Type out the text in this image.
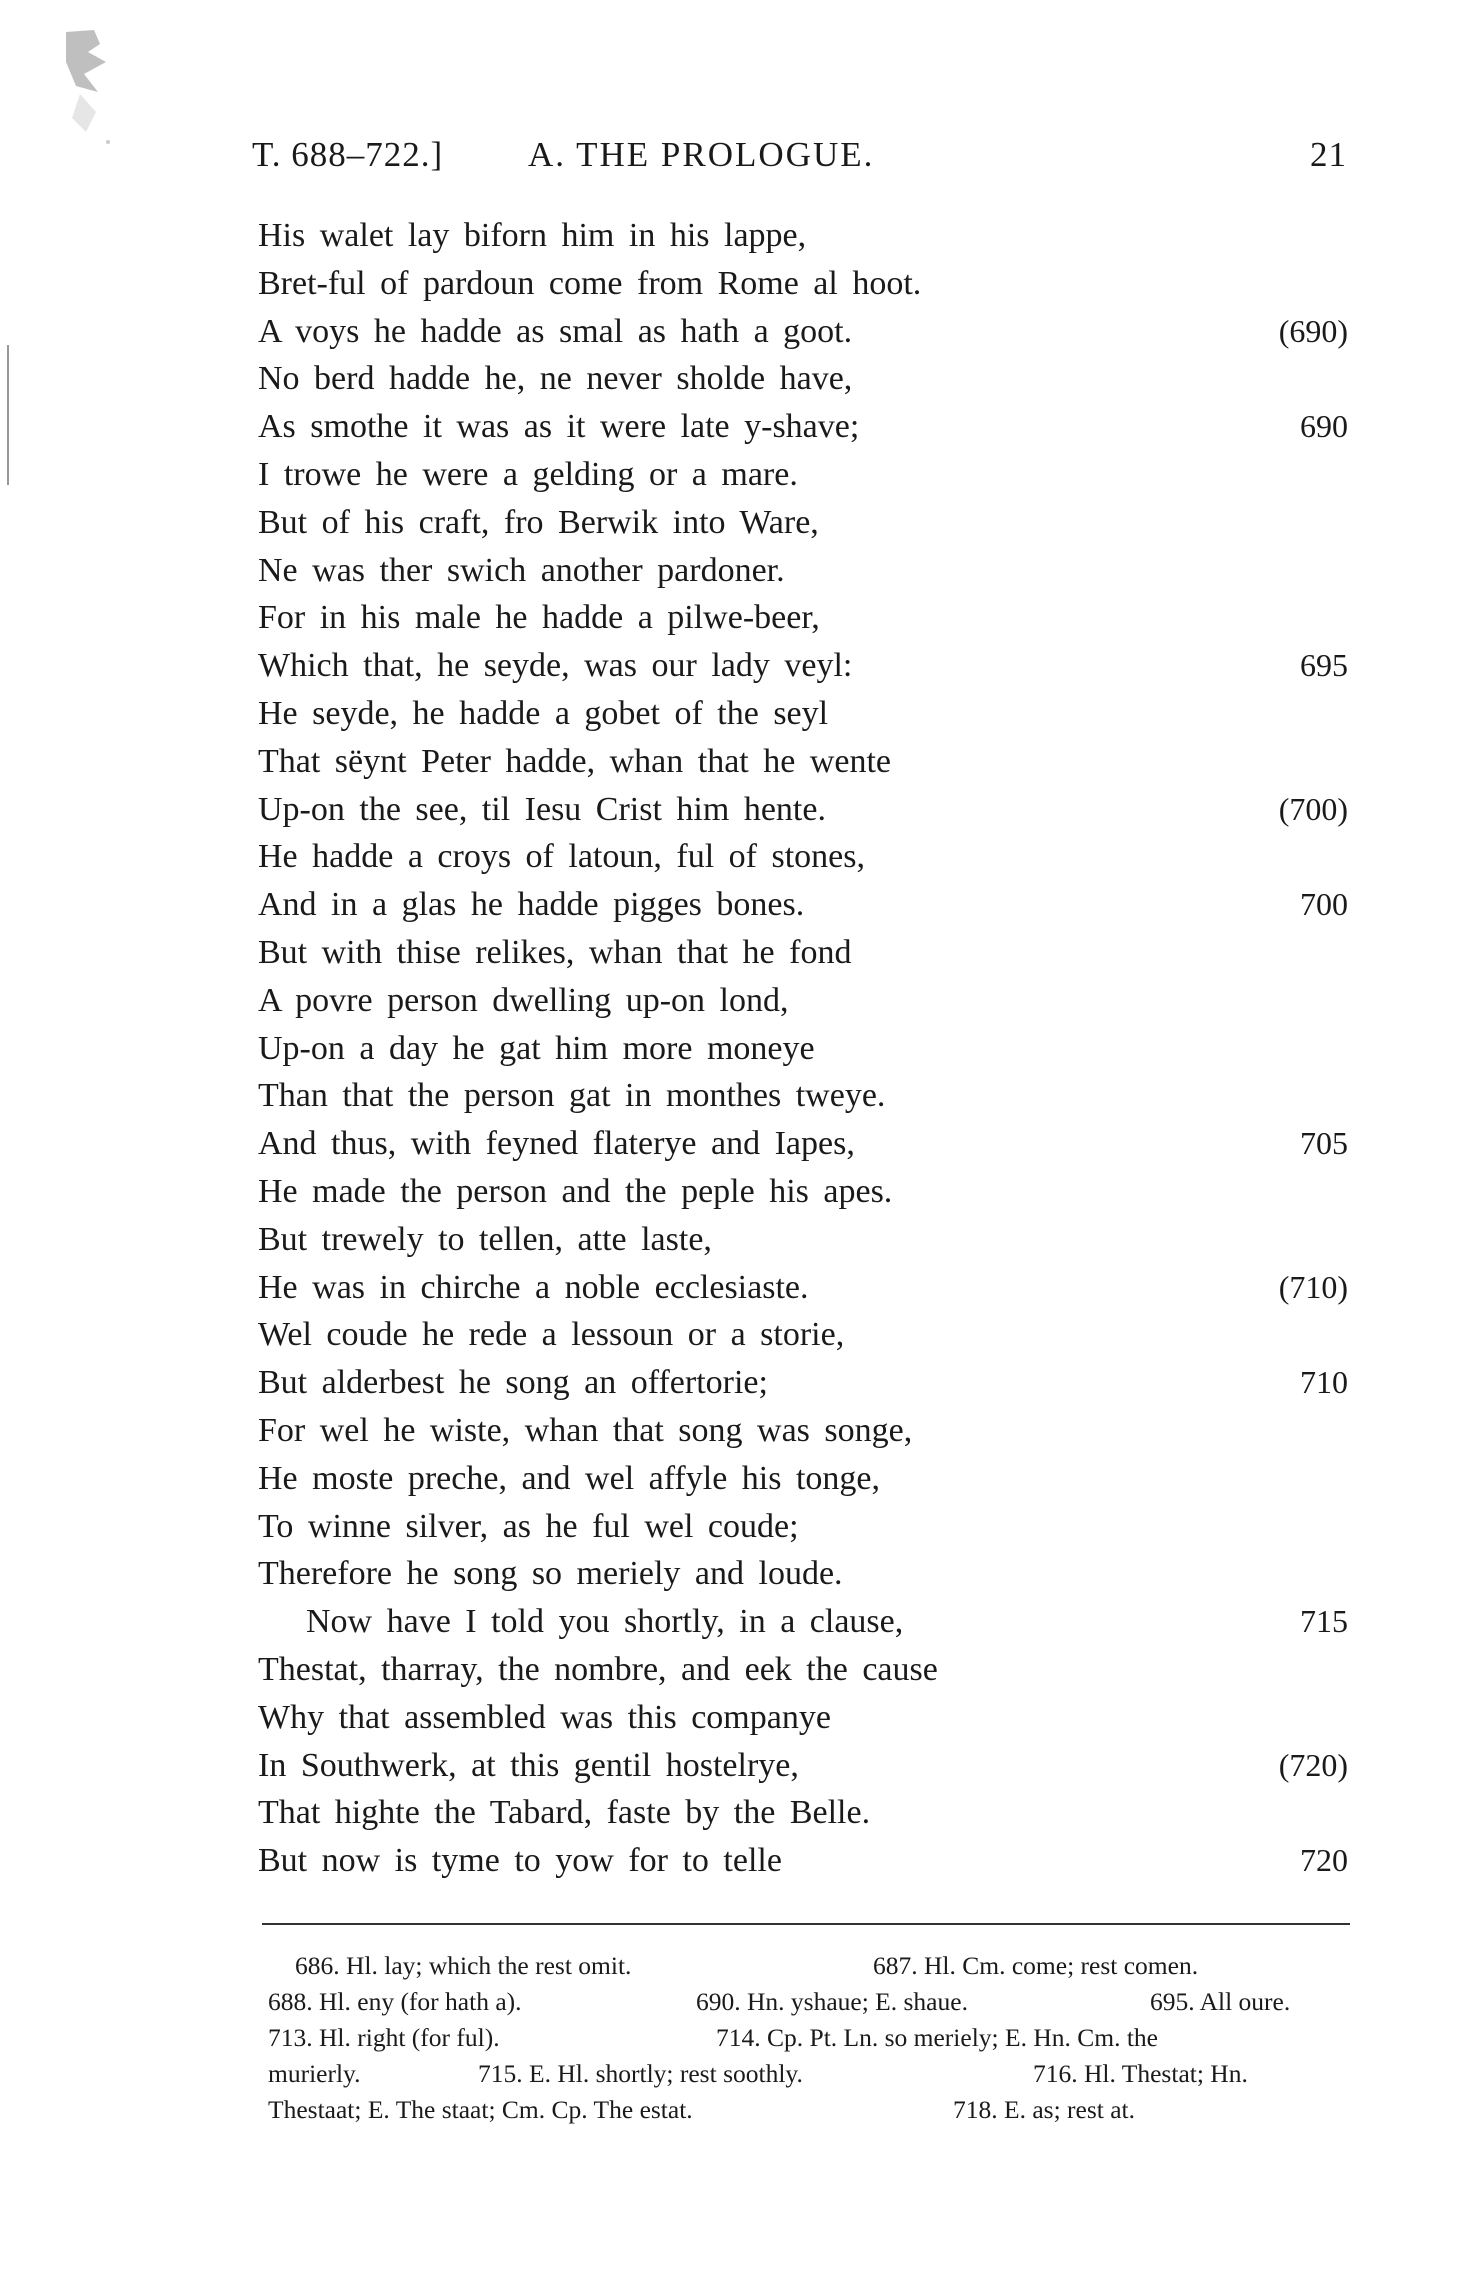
T. 688–722.] A. THE PROLOGUE.	21
His walet lay biforn him in his lappe,
Bret-ful of pardoun come from Rome al hoot.
A voys he hadde as smal as hath a goot.	(690)
No berd hadde he, ne never sholde have,
As smothe it was as it were late y-shave;	690
I trowe he were a gelding or a mare.
But of his craft, fro Berwik into Ware,
Ne was ther swich another pardoner.
For in his male he hadde a pilwe-beer,
Which that, he seyde, was our lady veyl:	695
He seyde, he hadde a gobet of the seyl
That sëynt Peter hadde, whan that he wente
Up-on the see, til Iesu Crist him hente.	(700)
He hadde a croys of latoun, ful of stones,
And in a glas he hadde pigges bones.	700
But with thise relikes, whan that he fond
A povre person dwelling up-on lond,
Up-on a day he gat him more moneye
Than that the person gat in monthes tweye.
And thus, with feyned flaterye and Iapes,	705
He made the person and the peple his apes.
But trewely to tellen, atte laste,
He was in chirche a noble ecclesiaste.	(710)
Wel coude he rede a lessoun or a storie,
But alderbest he song an offertorie;	710
For wel he wiste, whan that song was songe,
He moste preche, and wel affyle his tonge,
To winne silver, as he ful wel coude;
Therefore he song so meriely and loude.
Now have I told you shortly, in a clause,	715
Thestat, tharray, the nombre, and eek the cause
Why that assembled was this companye
In Southwerk, at this gentil hostelrye,	(720)
That highte the Tabard, faste by the Belle.
But now is tyme to yow for to telle	720
686. Hl. lay; which the rest omit.	687. Hl. Cm. come; rest comen.
688. Hl. eny (for hath a).	690. Hn. yshaue; E. shaue.	695. All oure.
713. Hl. right (for ful).	714. Cp. Pt. Ln. so meriely; E. Hn. Cm. the
murierly.	715. E. Hl. shortly; rest soothly.	716. Hl. Thestat; Hn.
Thestaat; E. The staat; Cm. Cp. The estat.	718. E. as; rest at.
